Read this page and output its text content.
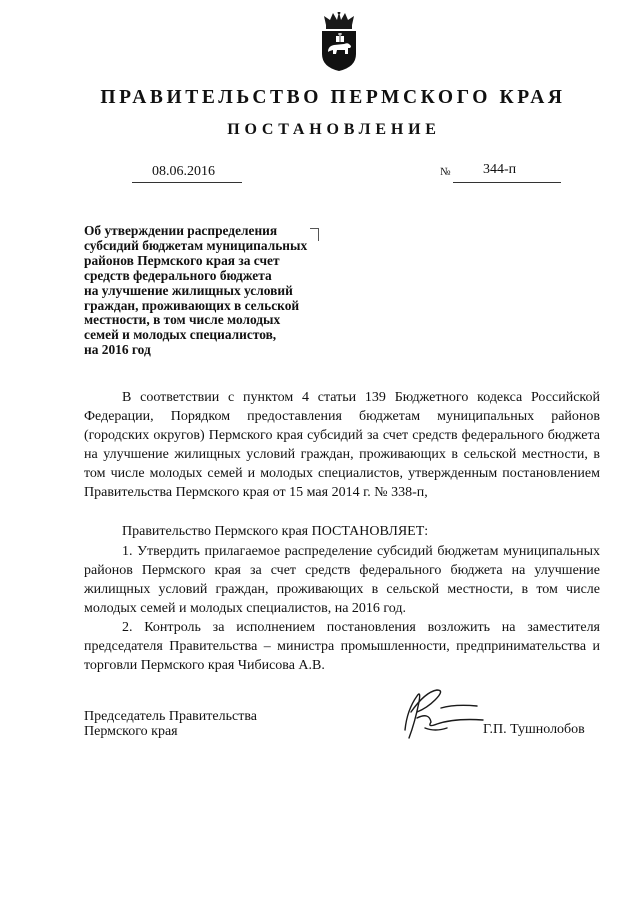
ПРАВИТЕЛЬСТВО ПЕРМСКОГО КРАЯ
ПОСТАНОВЛЕНИЕ
08.06.2016	№ 344-п
Об утверждении распределения
субсидий бюджетам муниципальных
районов Пермского края за счет
средств федерального бюджета
на улучшение жилищных условий
граждан, проживающих в сельской
местности, в том числе молодых
семей и молодых специалистов,
на 2016 год
В соответствии с пунктом 4 статьи 139 Бюджетного кодекса Российской Федерации, Порядком предоставления бюджетам муниципальных районов (городских округов) Пермского края субсидий за счет средств федерального бюджета на улучшение жилищных условий граждан, проживающих в сельской местности, в том числе молодых семей и молодых специалистов, утвержденным постановлением Правительства Пермского края от 15 мая 2014 г. № 338-п,
Правительство Пермского края ПОСТАНОВЛЯЕТ:
1. Утвердить прилагаемое распределение субсидий бюджетам муниципальных районов Пермского края за счет средств федерального бюджета на улучшение жилищных условий граждан, проживающих в сельской местности, в том числе молодых семей и молодых специалистов, на 2016 год.
2. Контроль за исполнением постановления возложить на заместителя председателя Правительства – министра промышленности, предпринимательства и торговли Пермского края Чибисова А.В.
Председатель Правительства
Пермского края	Г.П. Тушнолобов
